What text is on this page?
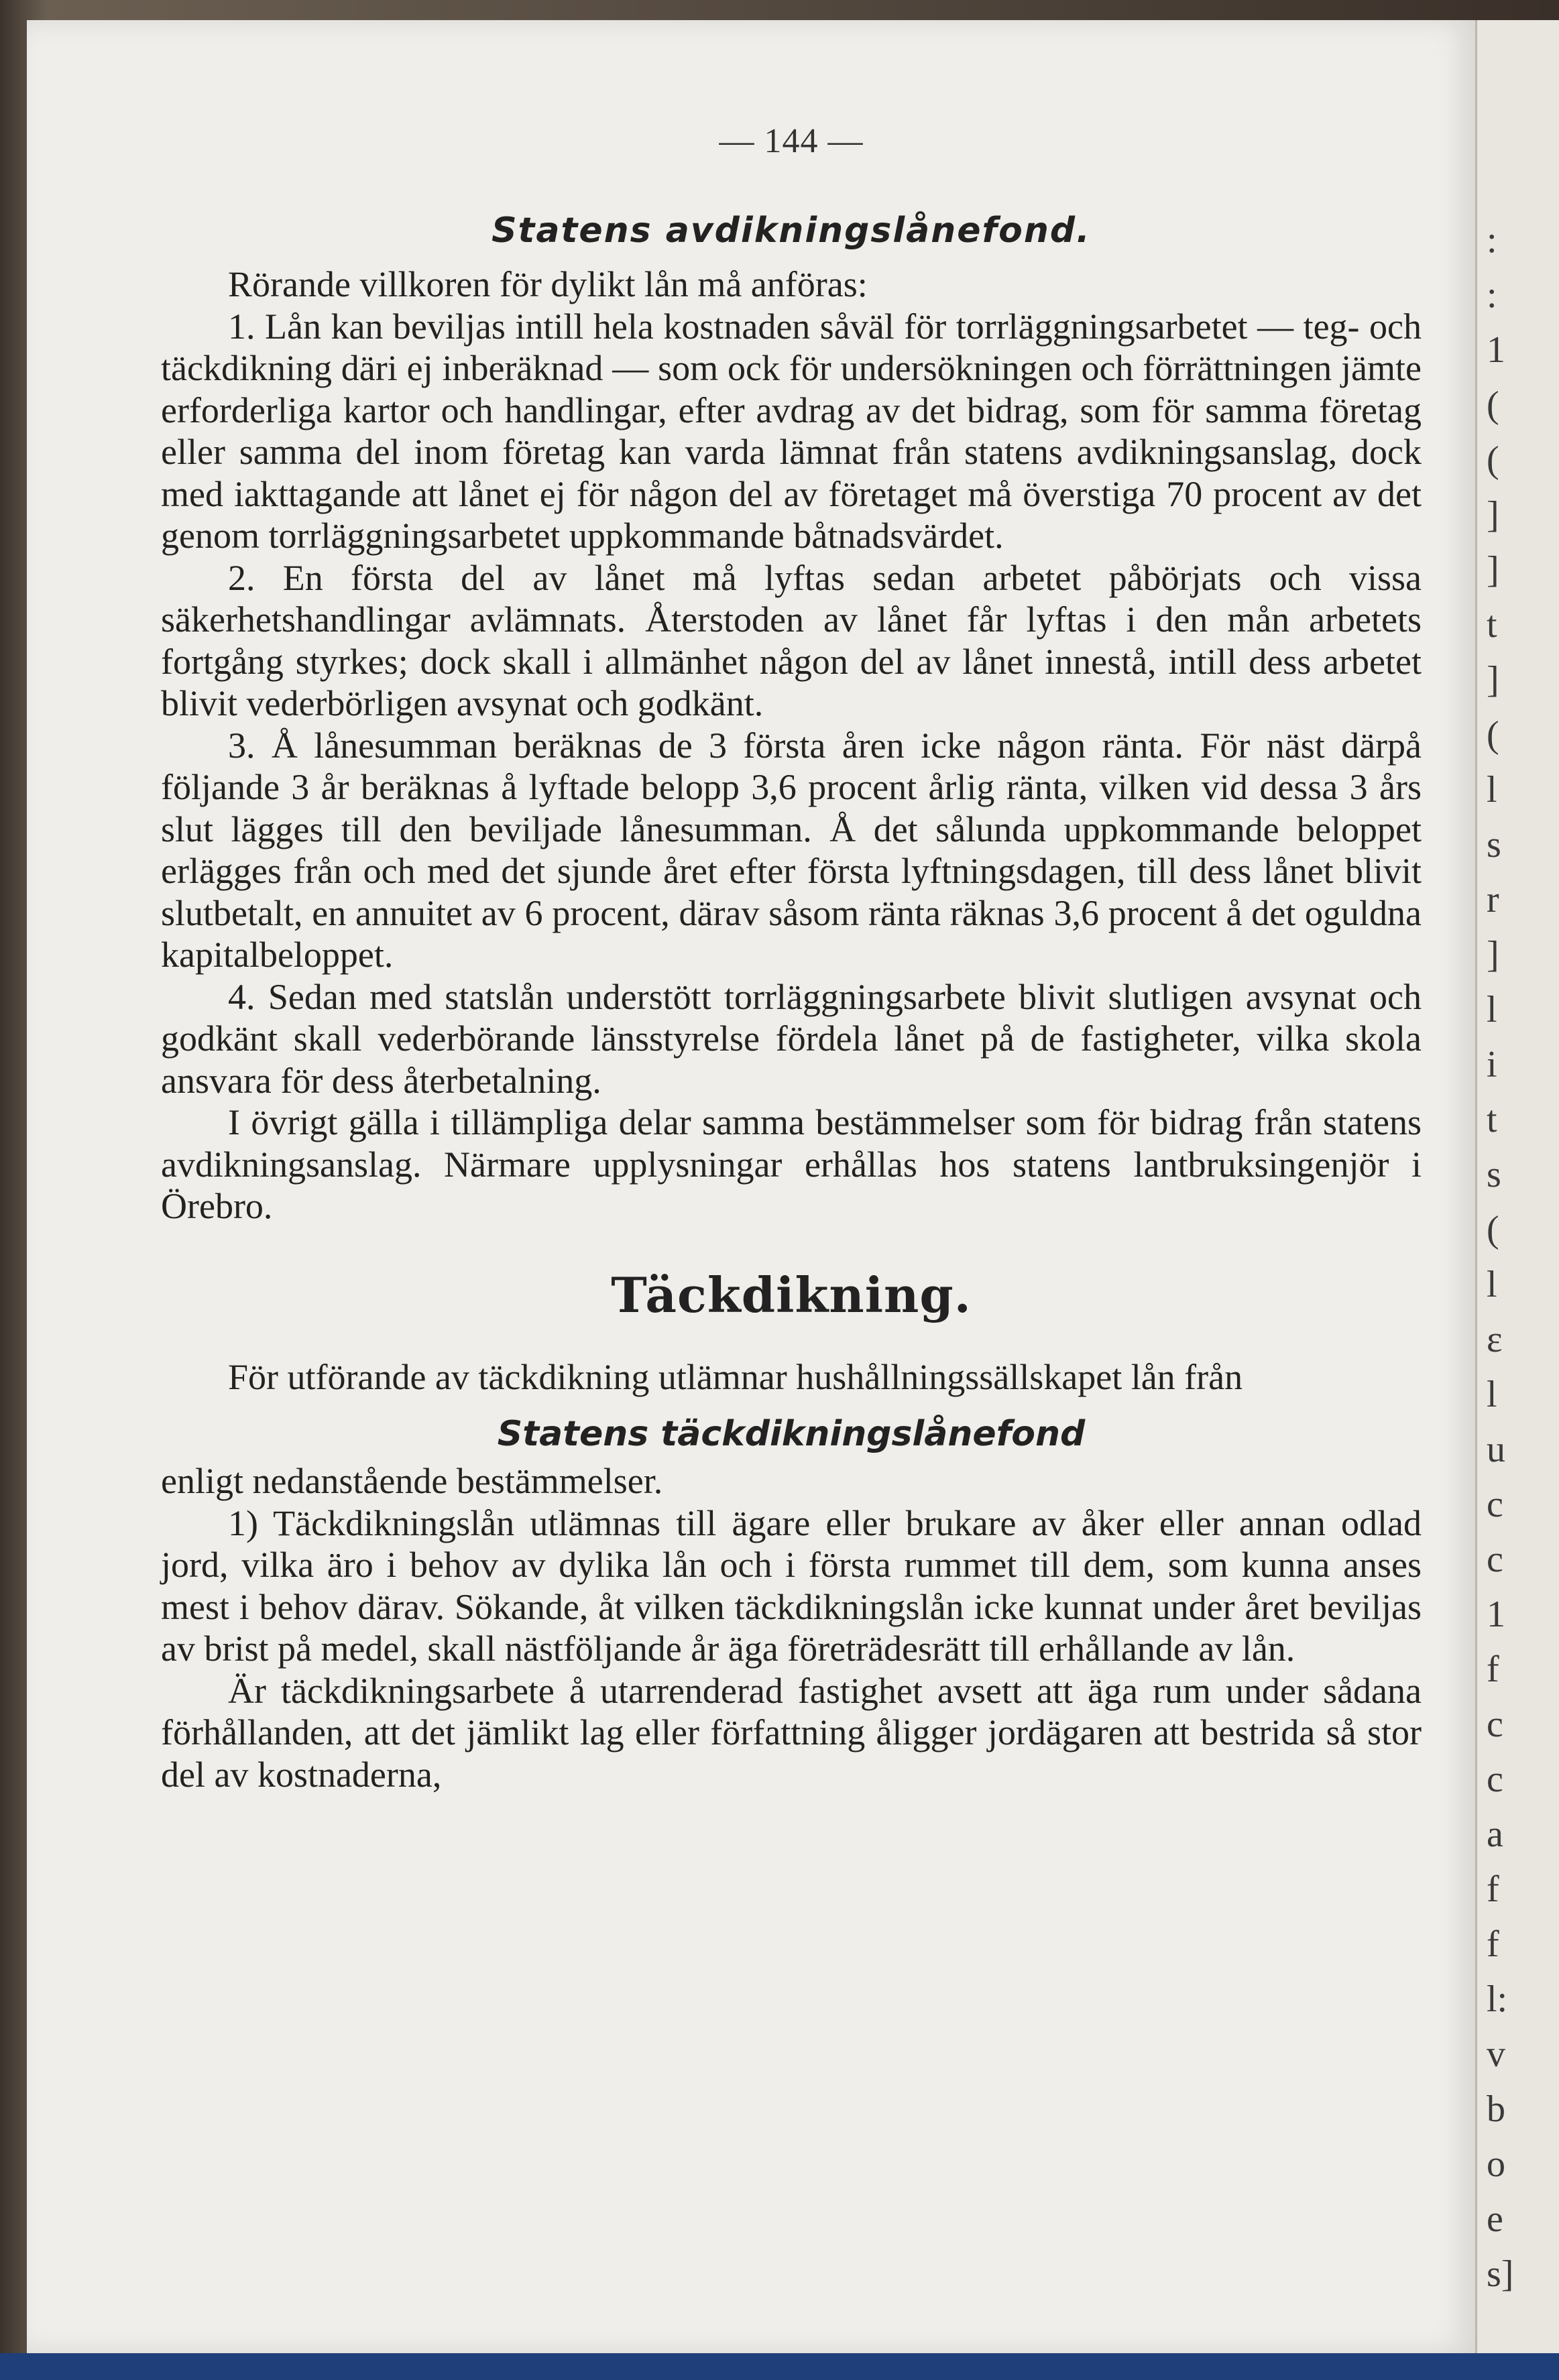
— 144 —
Statens avdikningslånefond.

Rörande villkoren för dylikt lån må anföras:

1. Lån kan beviljas intill hela kostnaden såväl för torrläggningsarbetet — teg- och täckdikning däri ej inberäknad — som ock för undersökningen och förrättningen jämte erforderliga kartor och handlingar, efter avdrag av det bidrag, som för samma företag eller samma del inom företag kan varda lämnat från statens avdikningsanslag, dock med iakttagande att lånet ej för någon del av företaget må överstiga 70 procent av det genom torrläggningsarbetet uppkommande båtnadsvärdet.

2. En första del av lånet må lyftas sedan arbetet påbörjats och vissa säkerhetshandlingar avlämnats. Återstoden av lånet får lyftas i den mån arbetets fortgång styrkes; dock skall i allmänhet någon del av lånet innestå, intill dess arbetet blivit vederbörligen avsynat och godkänt.

3. Å lånesumman beräknas de 3 första åren icke någon ränta. För näst därpå följande 3 år beräknas å lyftade belopp 3,6 procent årlig ränta, vilken vid dessa 3 års slut lägges till den beviljade lånesumman. Å det sålunda uppkommande beloppet erlägges från och med det sjunde året efter första lyftningsdagen, till dess lånet blivit slutbetalt, en annuitet av 6 procent, därav såsom ränta räknas 3,6 procent å det oguldna kapitalbeloppet.

4. Sedan med statslån understött torrläggningsarbete blivit slutligen avsynat och godkänt skall vederbörande länsstyrelse fördela lånet på de fastigheter, vilka skola ansvara för dess återbetalning.

I övrigt gälla i tillämpliga delar samma bestämmelser som för bidrag från statens avdikningsanslag. Närmare upplysningar erhållas hos statens lantbruksingenjör i Örebro.

Täckdikning.

För utförande av täckdikning utlämnar hushållningssällskapet lån från

Statens täckdikningslånefond

enligt nedanstående bestämmelser.

1) Täckdikningslån utlämnas till ägare eller brukare av åker eller annan odlad jord, vilka äro i behov av dylika lån och i första rummet till dem, som kunna anses mest i behov därav. Sökande, åt vilken täckdikningslån icke kunnat under året beviljas av brist på medel, skall nästföljande år äga företrädesrätt till erhållande av lån.

Är täckdikningsarbete å utarrenderad fastighet avsett att äga rum under sådana förhållanden, att det jämlikt lag eller författning åligger jordägaren att bestrida så stor del av kostnaderna,

:
:
1
(
(
]
]
t
]
(
l
s
r
]
l
i
t
s
(
l
ɛ
l
u
c
c
1
f
c
c
a
f
f
l:
v
b
o
e
s]
